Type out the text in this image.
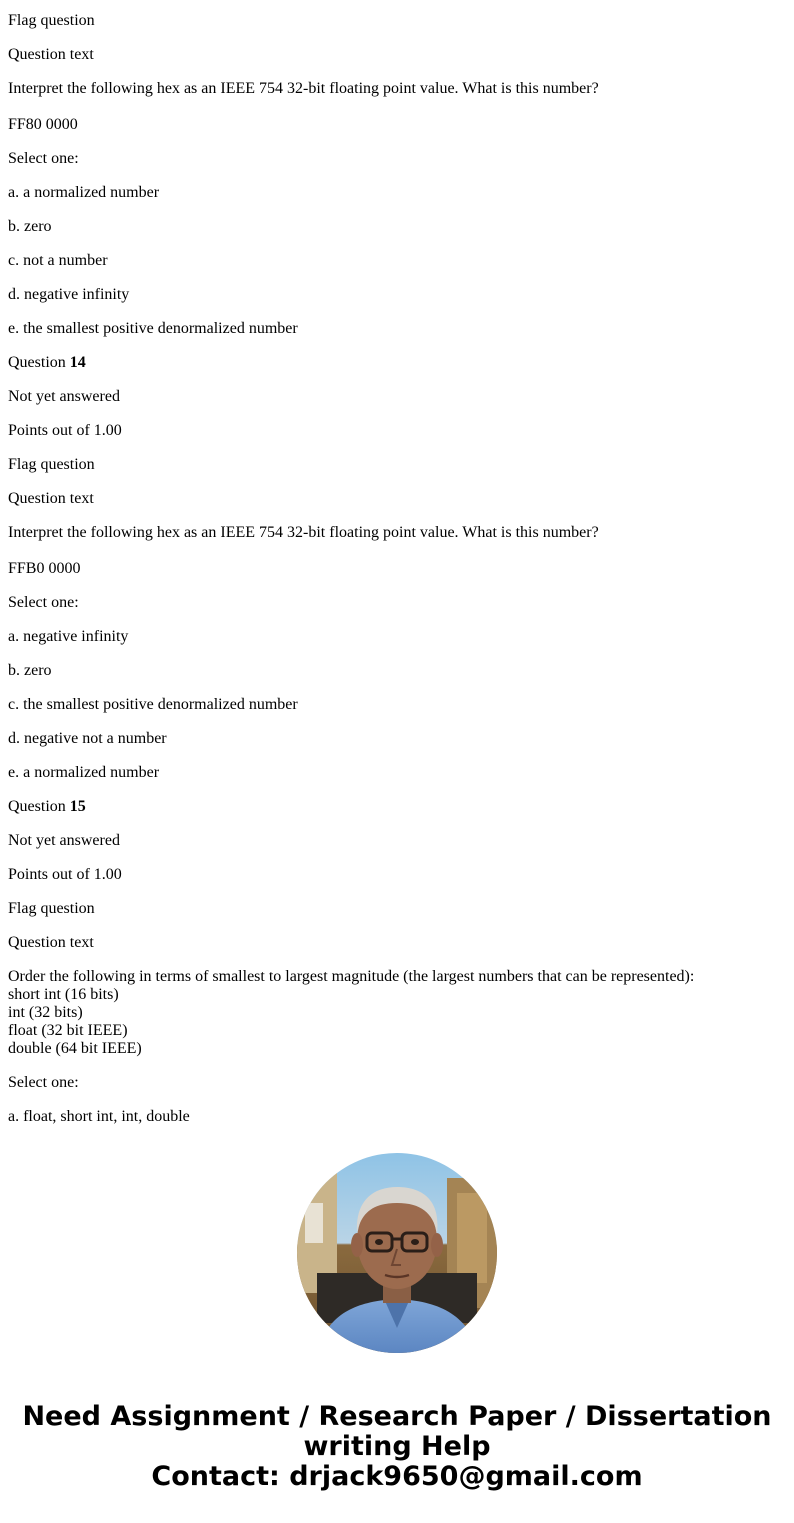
Flag question
Question text
Interpret the following hex as an IEEE 754 32-bit floating point value. What is this number?
FF80 0000
Select one:
a. a normalized number
b. zero
c. not a number
d. negative infinity
e. the smallest positive denormalized number
Question 14
Not yet answered
Points out of 1.00
Flag question
Question text
Interpret the following hex as an IEEE 754 32-bit floating point value. What is this number?
FFB0 0000
Select one:
a. negative infinity
b. zero
c. the smallest positive denormalized number
d. negative not a number
e. a normalized number
Question 15
Not yet answered
Points out of 1.00
Flag question
Question text
Order the following in terms of smallest to largest magnitude (the largest numbers that can be represented):
short int (16 bits)
int (32 bits)
float (32 bit IEEE)
double (64 bit IEEE)
Select one:
a. float, short int, int, double
Need Assignment / Research Paper / Dissertation
writing Help
Contact: drjack9650@gmail.com
